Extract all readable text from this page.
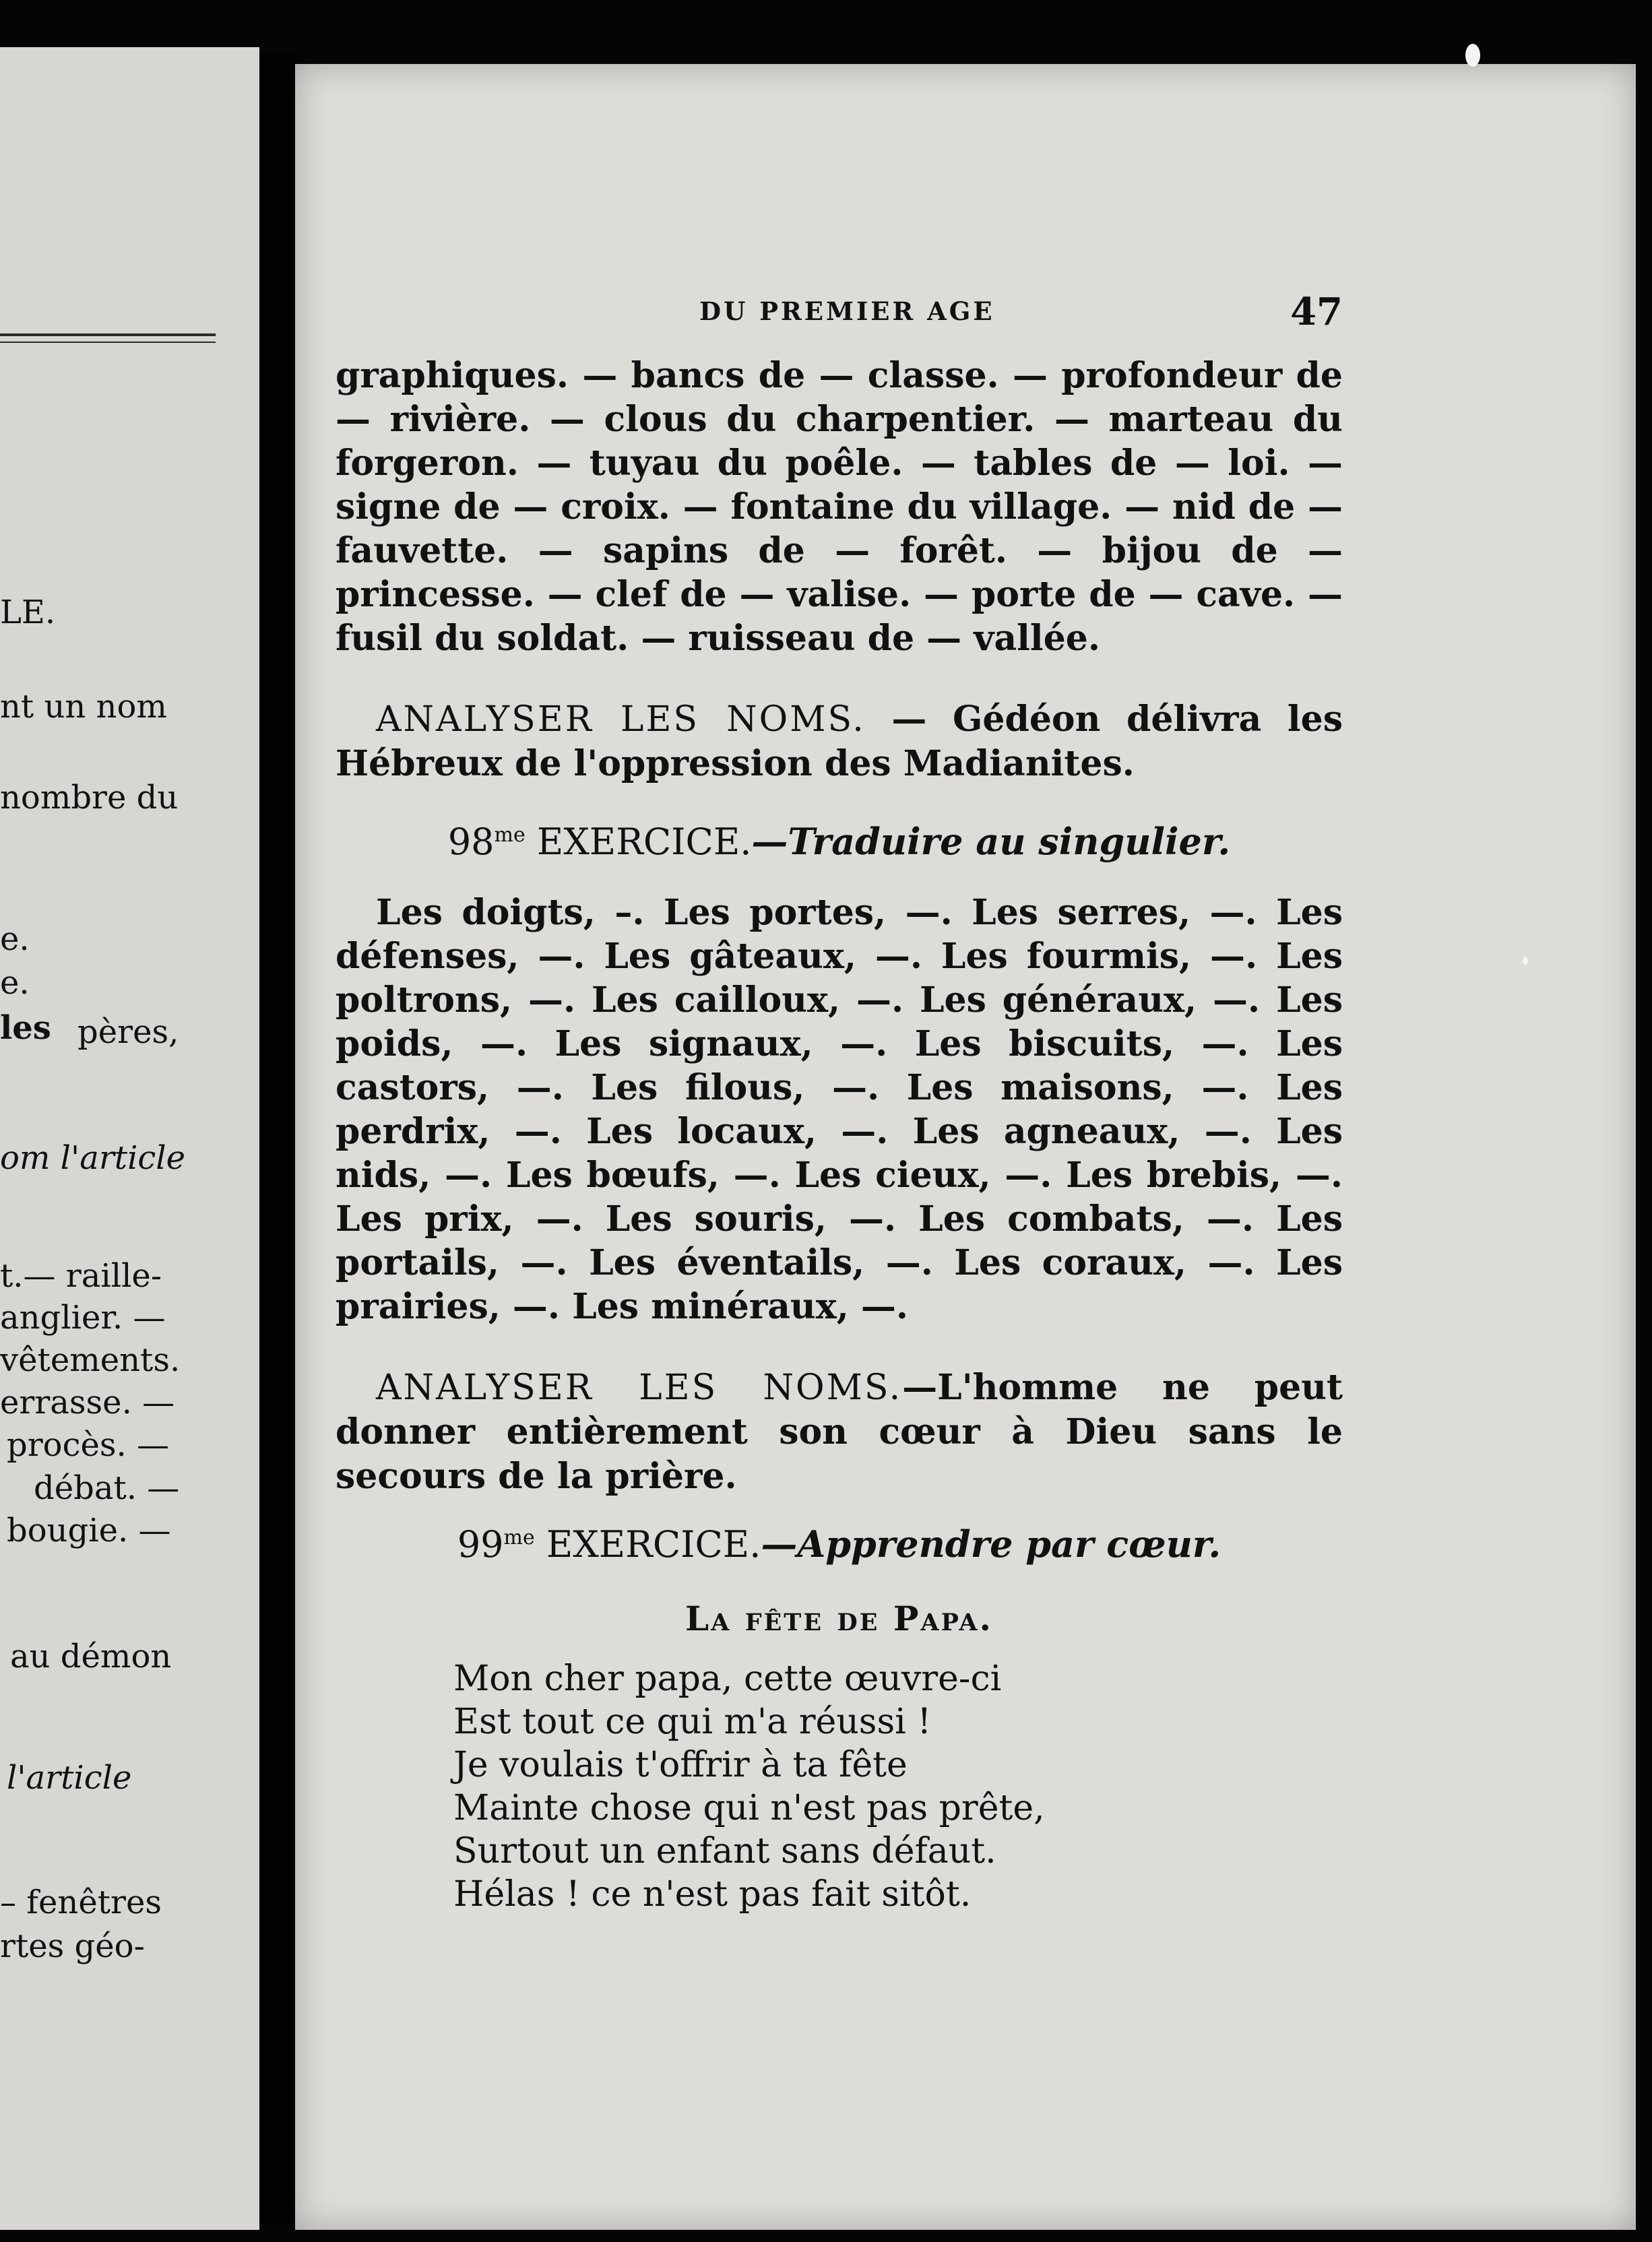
LE.
nt un nom
nombre du
e.
e.
les pères,
om l'article
t.— raille-
anglier. —
vêtements.
errasse. —
procès. —
débat. —
bougie. —
au démon
l'article
– fenêtres
rtes géo-
DU PREMIER AGE	47

graphiques. — bancs de — classe. — profondeur de — rivière. — clous du charpentier. — marteau du forgeron. — tuyau du poêle. — tables de — loi. — signe de — croix. — fontaine du village. — nid de — fauvette. — sapins de — forêt. — bijou de — princesse. — clef de — valise. — porte de — cave. — fusil du soldat. — ruisseau de — vallée.

ANALYSER LES NOMS. — Gédéon délivra les Hébreux de l'oppression des Madianites.

$98^{me}$ EXERCICE.—Traduire au singulier.

Les doigts, –. Les portes, —. Les serres, —. Les défenses, —. Les gâteaux, —. Les fourmis, —. Les poltrons, —. Les cailloux, —. Les généraux, —. Les poids, —. Les signaux, —. Les biscuits, —. Les castors, —. Les filous, —. Les maisons, —. Les perdrix, —. Les locaux, —. Les agneaux, —. Les nids, —. Les bœufs, —. Les cieux, —. Les brebis, —. Les prix, —. Les souris, —. Les combats, —. Les portails, —. Les éventails, —. Les coraux, —. Les prairies, —. Les minéraux, —.

ANALYSER LES NOMS.—L'homme ne peut donner entièrement son cœur à Dieu sans le secours de la prière.

$99^{me}$ EXERCICE.—Apprendre par cœur.
La fête de Papa.
Mon cher papa, cette œuvre-ci
Est tout ce qui m'a réussi !
Je voulais t'offrir à ta fête
Mainte chose qui n'est pas prête,
Surtout un enfant sans défaut.
Hélas ! ce n'est pas fait sitôt.
